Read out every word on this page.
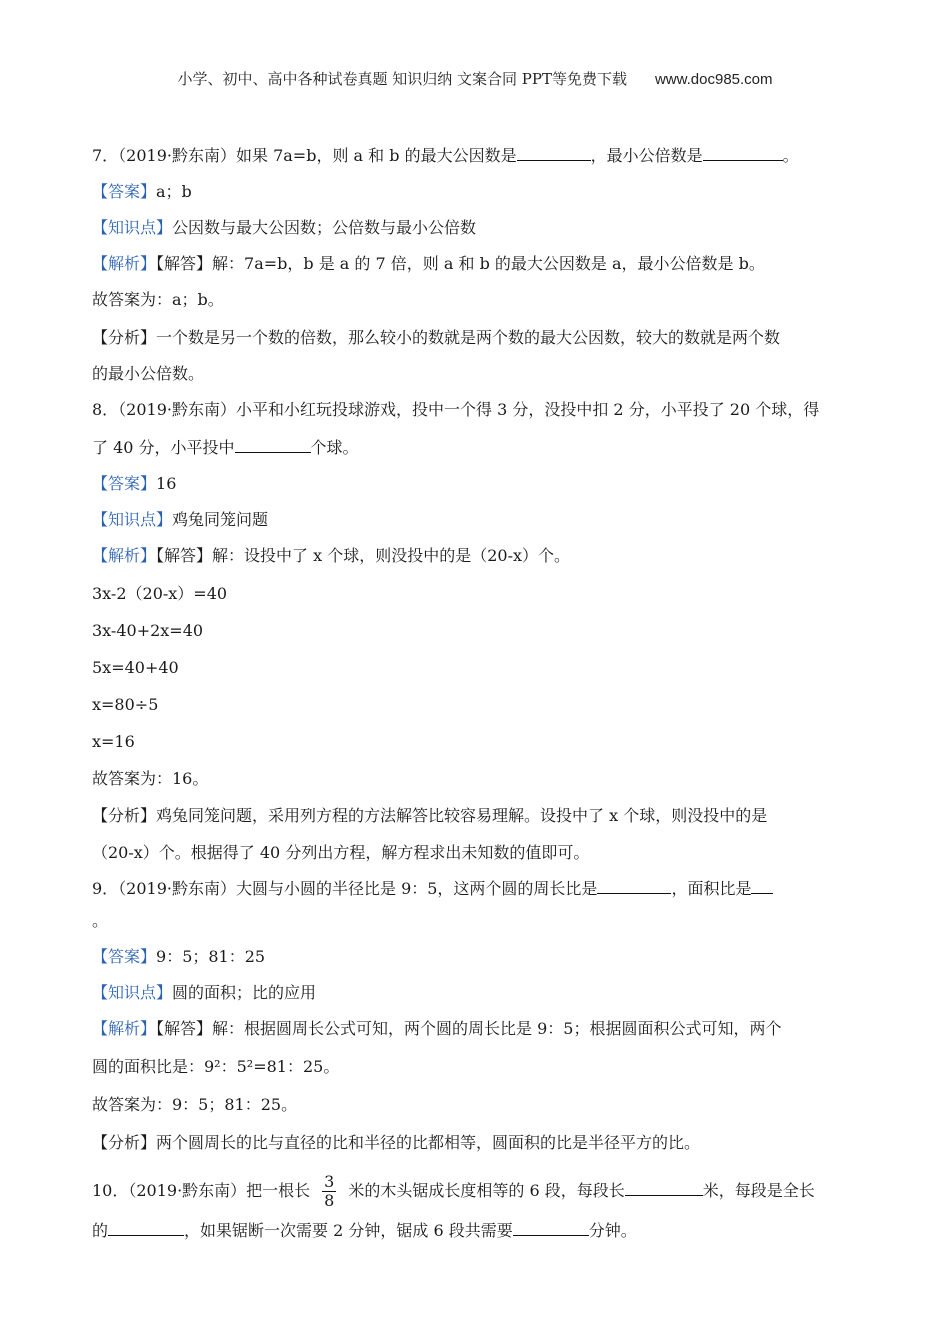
小学、初中、高中各种试卷真题 知识归纳 文案合同 PPT等免费下载 www.doc985.com
7．（2019·黔东南）如果 7a=b，则 a 和 b 的最大公因数是	，最小公倍数是	。
【答案】a；b
【知识点】公因数与最大公因数；公倍数与最小公倍数
【解析】【解答】解：7a=b，b 是 a 的 7 倍，则 a 和 b 的最大公因数是 a，最小公倍数是 b。
故答案为：a；b。
【分析】一个数是另一个数的倍数，那么较小的数就是两个数的最大公因数，较大的数就是两个数
的最小公倍数。
8．（2019·黔东南）小平和小红玩投球游戏，投中一个得 3 分，没投中扣 2 分，小平投了 20 个球，得
了 40 分，小平投中	个球。
【答案】16
【知识点】鸡兔同笼问题
【解析】【解答】解：设投中了 x 个球，则没投中的是（20-x）个。
3x-2（20-x）=40
3x-40+2x=40
5x=40+40
x=80÷5
x=16
故答案为：16。
【分析】鸡兔同笼问题，采用列方程的方法解答比较容易理解。设投中了 x 个球，则没投中的是
（20-x）个。根据得了 40 分列出方程，解方程求出未知数的值即可。
9．（2019·黔东南）大圆与小圆的半径比是 9：5，这两个圆的周长比是	，面积比是
。
【答案】9：5；81：25
【知识点】圆的面积；比的应用
【解析】【解答】解：根据圆周长公式可知，两个圆的周长比是 9：5；根据圆面积公式可知，两个
圆的面积比是：9²：5²=81：25。
故答案为：9：5；81：25。
【分析】两个圆周长的比与直径的比和半径的比都相等，圆面积的比是半径平方的比。
10．（2019·黔东南）把一根长 $\frac{3}{8}$ 米的木头锯成长度相等的 6 段，每段长	米，每段是全长
的	，如果锯断一次需要 2 分钟，锯成 6 段共需要	分钟。
